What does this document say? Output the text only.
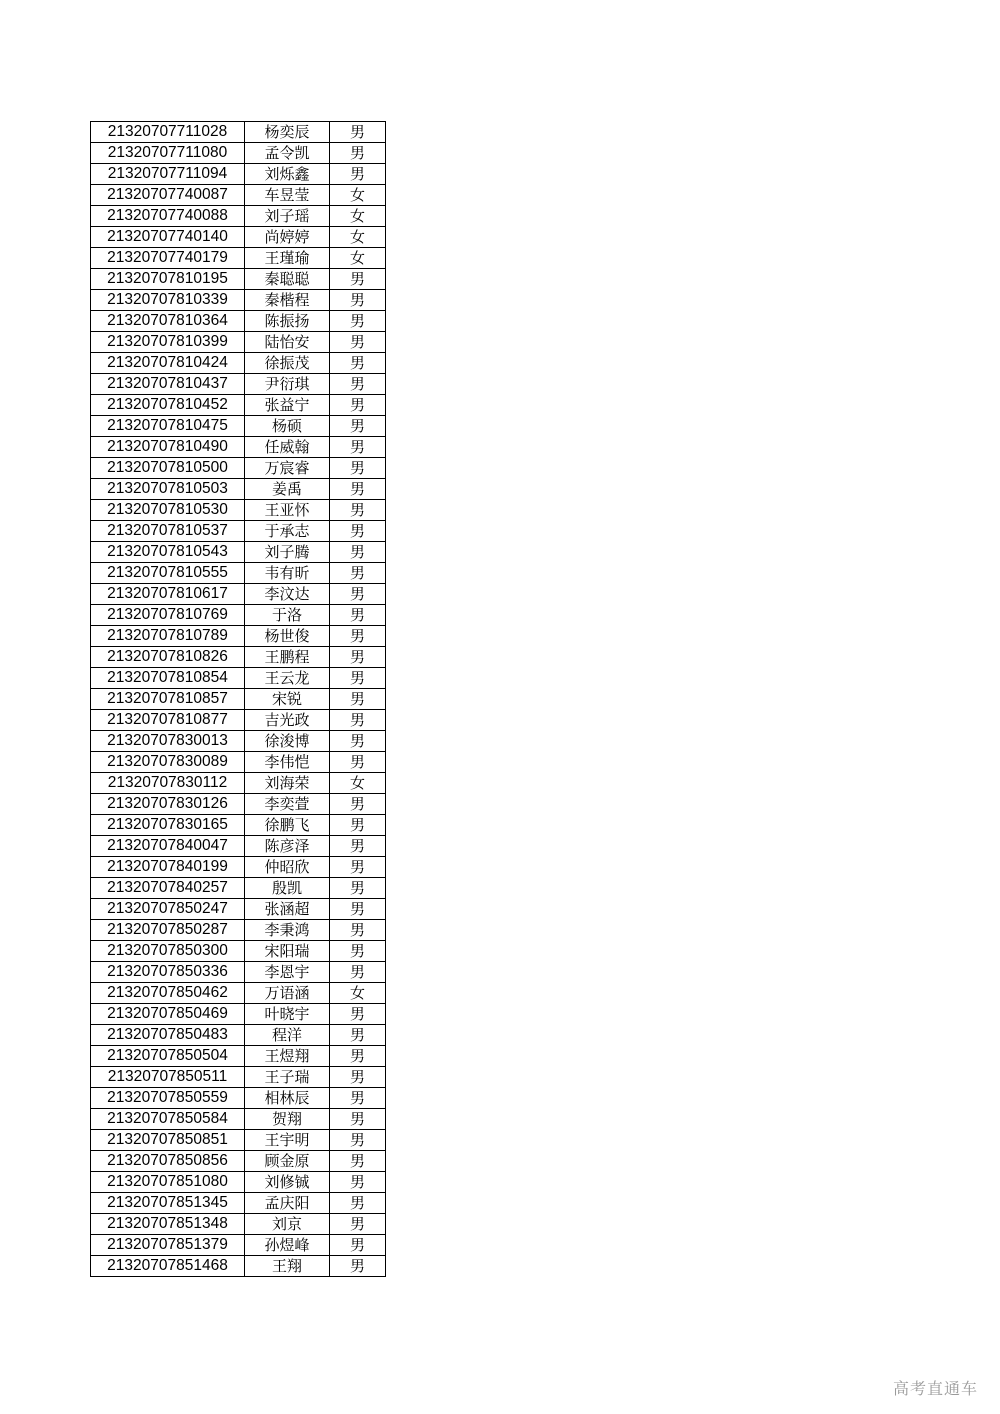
21320707711028	杨奕辰	男
21320707711080	孟令凯	男
21320707711094	刘烁鑫	男
21320707740087	车昱莹	女
21320707740088	刘子瑶	女
21320707740140	尚婷婷	女
21320707740179	王瑾瑜	女
21320707810195	秦聪聪	男
21320707810339	秦楷程	男
21320707810364	陈振扬	男
21320707810399	陆怡安	男
21320707810424	徐振茂	男
21320707810437	尹衍琪	男
21320707810452	张益宁	男
21320707810475	杨硕	男
21320707810490	任威翰	男
21320707810500	万宸睿	男
21320707810503	姜禹	男
21320707810530	王亚怀	男
21320707810537	于承志	男
21320707810543	刘子腾	男
21320707810555	韦有昕	男
21320707810617	李汶达	男
21320707810769	于洛	男
21320707810789	杨世俊	男
21320707810826	王鹏程	男
21320707810854	王云龙	男
21320707810857	宋锐	男
21320707810877	吉光政	男
21320707830013	徐浚博	男
21320707830089	李伟恺	男
21320707830112	刘海荣	女
21320707830126	李奕萱	男
21320707830165	徐鹏飞	男
21320707840047	陈彦泽	男
21320707840199	仲昭欣	男
21320707840257	殷凯	男
21320707850247	张涵超	男
21320707850287	李秉鸿	男
21320707850300	宋阳瑞	男
21320707850336	李恩宇	男
21320707850462	万语涵	女
21320707850469	叶晓宇	男
21320707850483	程洋	男
21320707850504	王煜翔	男
21320707850511	王子瑞	男
21320707850559	相林辰	男
21320707850584	贺翔	男
21320707850851	王宇明	男
21320707850856	顾金原	男
21320707851080	刘修铖	男
21320707851345	孟庆阳	男
21320707851348	刘京	男
21320707851379	孙煜峰	男
21320707851468	王翔	男
高考直通车
